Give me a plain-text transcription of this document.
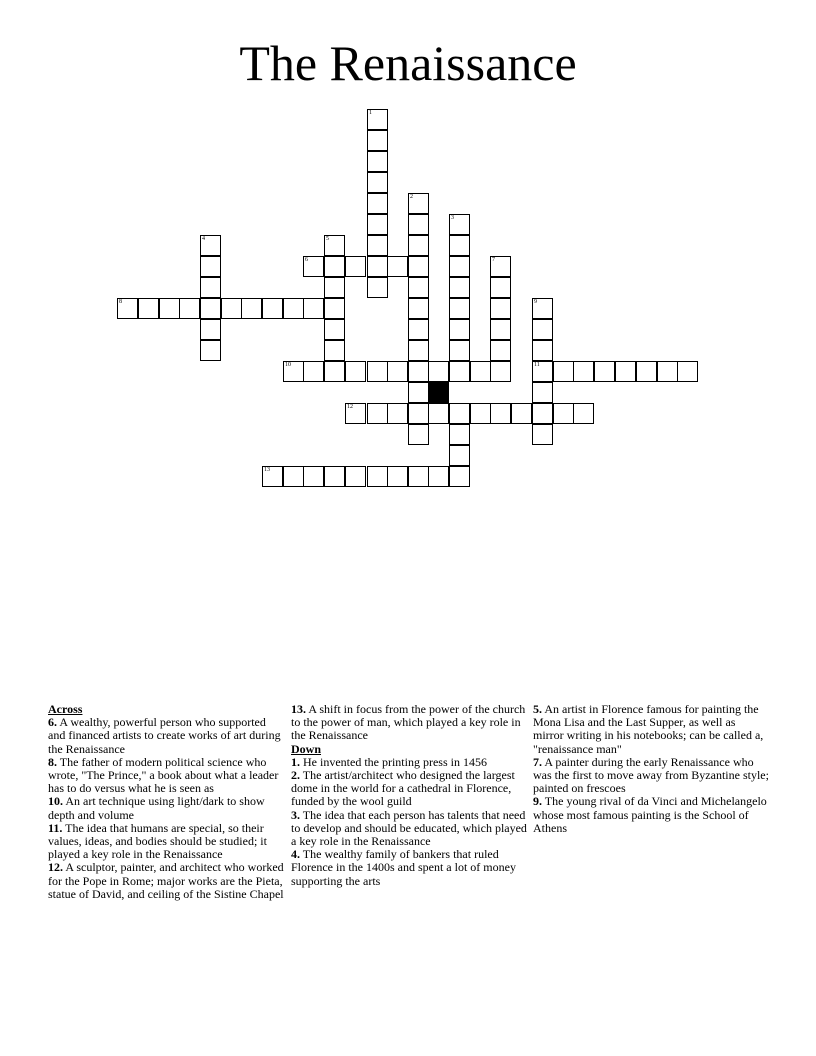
The Renaissance
1
2
3
4	5
6	7
8	9
10	11
12
13
Across

6. A wealthy, powerful person who supported and financed artists to create works of art during the Renaissance

8. The father of modern political science who wrote, "The Prince," a book about what a leader has to do versus what he is seen as

10. An art technique using light/dark to show depth and volume

11. The idea that humans are special, so their values, ideas, and bodies should be studied; it played a key role in the Renaissance

12. A sculptor, painter, and architect who worked for the Pope in Rome; major works are the Pieta, statue of David, and ceiling of the Sistine Chapel

13. A shift in focus from the power of the church to the power of man, which played a key role in the Renaissance

Down

1. He invented the printing press in 1456

2. The artist/architect who designed the largest dome in the world for a cathedral in Florence, funded by the wool guild

3. The idea that each person has talents that need to develop and should be educated, which played a key role in the Renaissance

4. The wealthy family of bankers that ruled Florence in the 1400s and spent a lot of money supporting the arts

5. An artist in Florence famous for painting the Mona Lisa and the Last Supper, as well as mirror writing in his notebooks; can be called a, "renaissance man"

7. A painter during the early Renaissance who was the first to move away from Byzantine style; painted on frescoes

9. The young rival of da Vinci and Michelangelo whose most famous painting is the School of Athens
